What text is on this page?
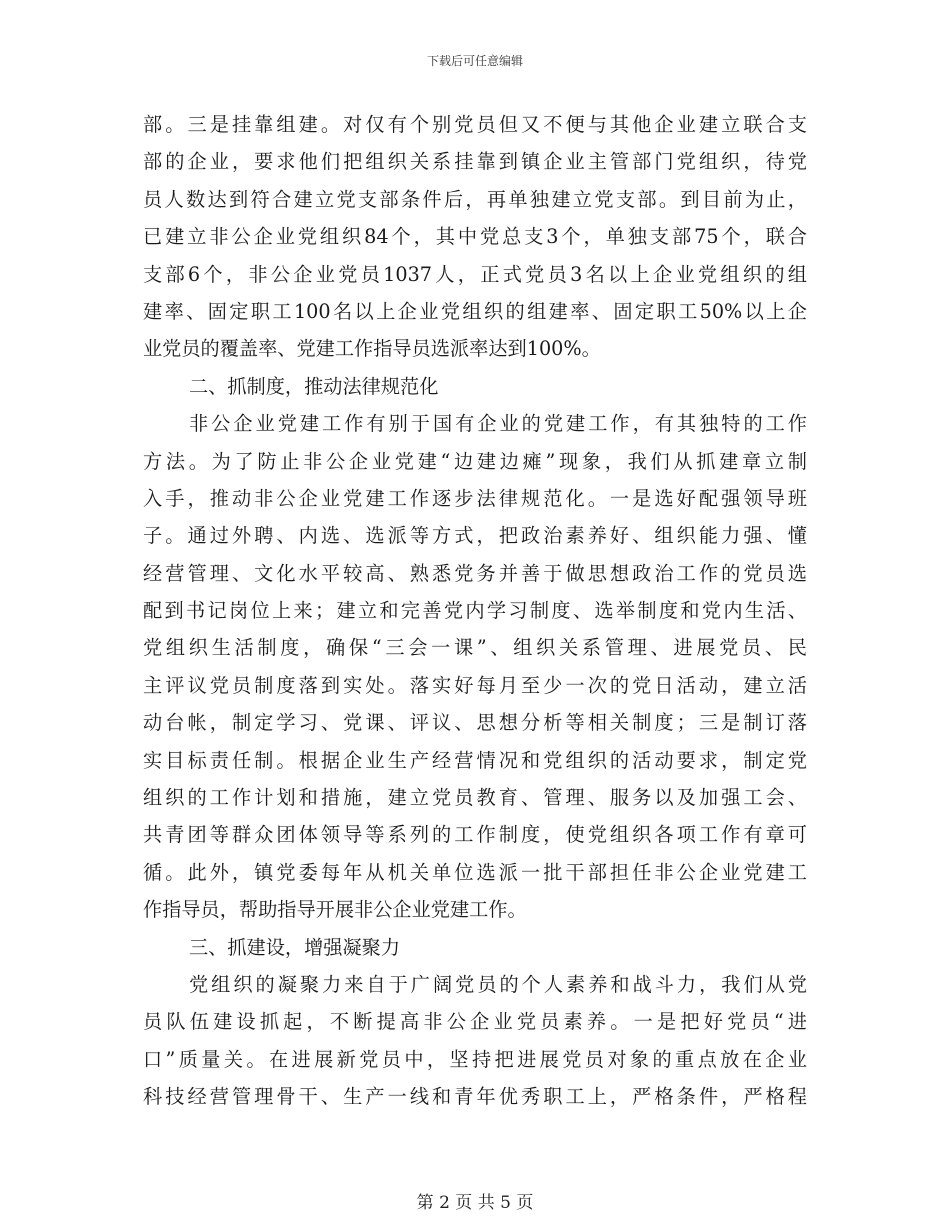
下载后可任意编辑
部。三是挂靠组建。对仅有个别党员但又不便与其他企业建立联合支
部的企业，要求他们把组织关系挂靠到镇企业主管部门党组织，待党
员人数达到符合建立党支部条件后，再单独建立党支部。到目前为止，
已建立非公企业党组织84个，其中党总支3个，单独支部75个，联合
支部6个，非公企业党员1037人，正式党员3名以上企业党组织的组
建率、固定职工100名以上企业党组织的组建率、固定职工50%以上企
业党员的覆盖率、党建工作指导员选派率达到100%。
二、抓制度，推动法律规范化
非公企业党建工作有别于国有企业的党建工作，有其独特的工作
方法。为了防止非公企业党建“边建边瘫”现象，我们从抓建章立制
入手，推动非公企业党建工作逐步法律规范化。一是选好配强领导班
子。通过外聘、内选、选派等方式，把政治素养好、组织能力强、懂
经营管理、文化水平较高、熟悉党务并善于做思想政治工作的党员选
配到书记岗位上来；建立和完善党内学习制度、选举制度和党内生活、
党组织生活制度，确保“三会一课”、组织关系管理、进展党员、民
主评议党员制度落到实处。落实好每月至少一次的党日活动，建立活
动台帐，制定学习、党课、评议、思想分析等相关制度；三是制订落
实目标责任制。根据企业生产经营情况和党组织的活动要求，制定党
组织的工作计划和措施，建立党员教育、管理、服务以及加强工会、
共青团等群众团体领导等系列的工作制度，使党组织各项工作有章可
循。此外，镇党委每年从机关单位选派一批干部担任非公企业党建工
作指导员，帮助指导开展非公企业党建工作。
三、抓建设，增强凝聚力
党组织的凝聚力来自于广阔党员的个人素养和战斗力，我们从党
员队伍建设抓起，不断提高非公企业党员素养。一是把好党员“进
口”质量关。在进展新党员中，坚持把进展党员对象的重点放在企业
科技经营管理骨干、生产一线和青年优秀职工上，严格条件，严格程
第 2 页 共 5 页
